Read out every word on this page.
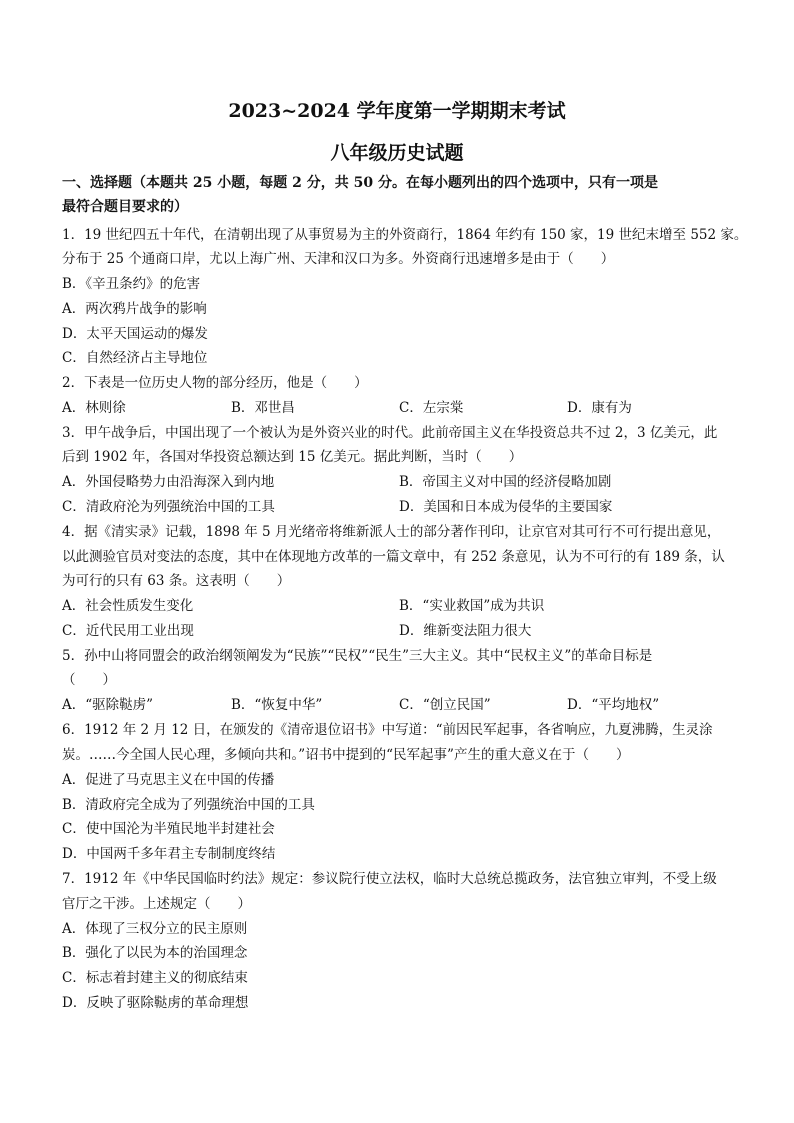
2023~2024 学年度第一学期期末考试
八年级历史试题
一、选择题（本题共 25 小题，每题 2 分，共 50 分。在每小题列出的四个选项中，只有一项是
最符合题目要求的）
1．19 世纪四五十年代，在清朝出现了从事贸易为主的外资商行，1864 年约有 150 家，19 世纪末增至 552 家。
分布于 25 个通商口岸，尤以上海广州、天津和汉口为多。外资商行迅速增多是由于（　　）
B．《辛丑条约》的危害
A．两次鸦片战争的影响
D．太平天国运动的爆发
C．自然经济占主导地位
2．下表是一位历史人物的部分经历，他是（　　）
A．林则徐	B．邓世昌	C．左宗棠	D．康有为
3．甲午战争后，中国出现了一个被认为是外资兴业的时代。此前帝国主义在华投资总共不过 2，3 亿美元，此
后到 1902 年，各国对华投资总额达到 15 亿美元。据此判断，当时（　　）
A．外国侵略势力由沿海深入到内地	B．帝国主义对中国的经济侵略加剧
C．清政府沦为列强统治中国的工具	D．美国和日本成为侵华的主要国家
4．据《清实录》记载，1898 年 5 月光绪帝将维新派人士的部分著作刊印，让京官对其可行不可行提出意见，
以此测验官员对变法的态度，其中在体现地方改革的一篇文章中，有 252 条意见，认为不可行的有 189 条，认
为可行的只有 63 条。这表明（　　）
A．社会性质发生变化	B．“实业救国”成为共识
C．近代民用工业出现	D．维新变法阻力很大
5．孙中山将同盟会的政治纲领阐发为“民族”“民权”“民生”三大主义。其中“民权主义”的革命目标是
（　　）
A．“驱除鞑虏”	B．“恢复中华”	C．“创立民国”	D．“平均地权”
6．1912 年 2 月 12 日，在颁发的《清帝退位诏书》中写道：“前因民军起事，各省响应，九夏沸腾，生灵涂
炭。……今全国人民心理，多倾向共和。”诏书中提到的“民军起事”产生的重大意义在于（　　）
A．促进了马克思主义在中国的传播
B．清政府完全成为了列强统治中国的工具
C．使中国沦为半殖民地半封建社会
D．中国两千多年君主专制制度终结
7．1912 年《中华民国临时约法》规定：参议院行使立法权，临时大总统总揽政务，法官独立审判，不受上级
官厅之干涉。上述规定（　　）
A．体现了三权分立的民主原则
B．强化了以民为本的治国理念
C．标志着封建主义的彻底结束
D．反映了驱除鞑虏的革命理想
